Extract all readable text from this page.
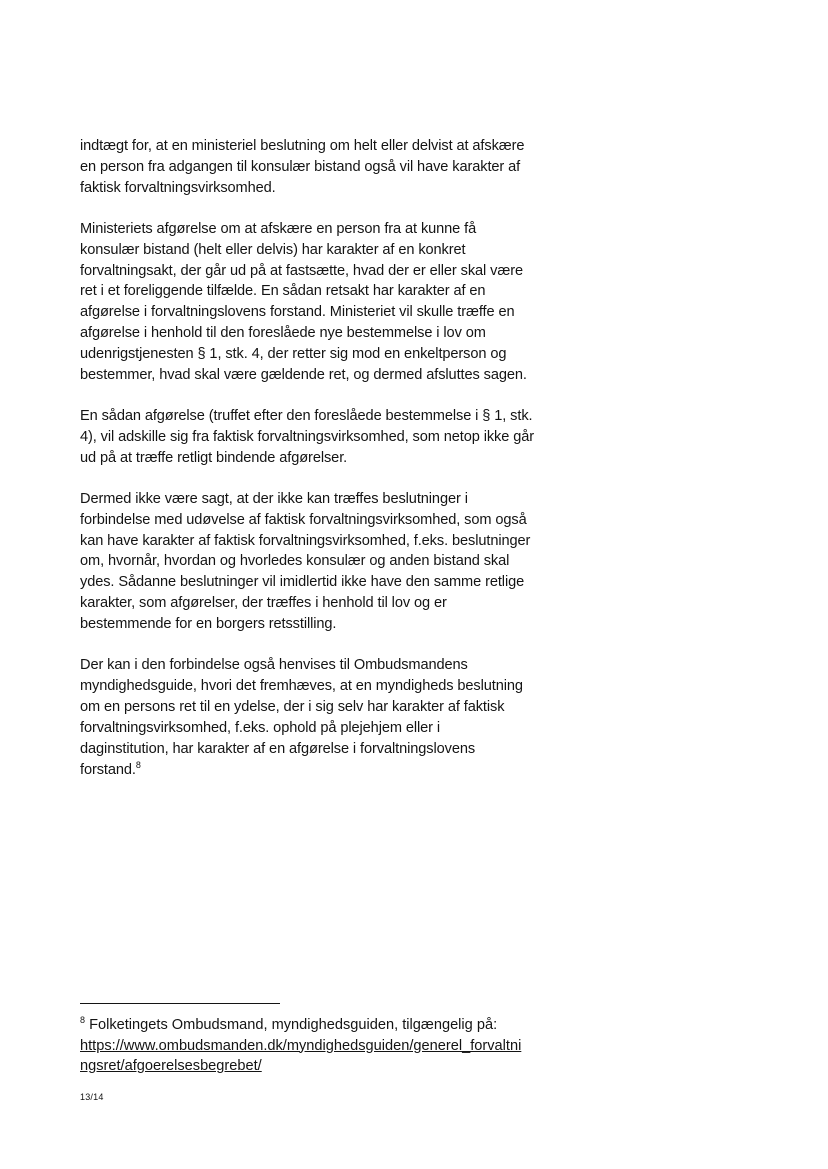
indtægt for, at en ministeriel beslutning om helt eller delvist at afskære
en person fra adgangen til konsulær bistand også vil have karakter af
faktisk forvaltningsvirksomhed.

Ministeriets afgørelse om at afskære en person fra at kunne få
konsulær bistand (helt eller delvis) har karakter af en konkret
forvaltningsakt, der går ud på at fastsætte, hvad der er eller skal være
ret i et foreliggende tilfælde. En sådan retsakt har karakter af en
afgørelse i forvaltningslovens forstand. Ministeriet vil skulle træffe en
afgørelse i henhold til den foreslåede nye bestemmelse i lov om
udenrigstjenesten § 1, stk. 4, der retter sig mod en enkeltperson og
bestemmer, hvad skal være gældende ret, og dermed afsluttes sagen.

En sådan afgørelse (truffet efter den foreslåede bestemmelse i § 1, stk.
4), vil adskille sig fra faktisk forvaltningsvirksomhed, som netop ikke går
ud på at træffe retligt bindende afgørelser.

Dermed ikke være sagt, at der ikke kan træffes beslutninger i
forbindelse med udøvelse af faktisk forvaltningsvirksomhed, som også
kan have karakter af faktisk forvaltningsvirksomhed, f.eks. beslutninger
om, hvornår, hvordan og hvorledes konsulær og anden bistand skal
ydes. Sådanne beslutninger vil imidlertid ikke have den samme retlige
karakter, som afgørelser, der træffes i henhold til lov og er
bestemmende for en borgers retsstilling.

Der kan i den forbindelse også henvises til Ombudsmandens
myndighedsguide, hvori det fremhæves, at en myndigheds beslutning
om en persons ret til en ydelse, der i sig selv har karakter af faktisk
forvaltningsvirksomhed, f.eks. ophold på plejehjem eller i
daginstitution, har karakter af en afgørelse i forvaltningslovens
forstand.$^8$

$^8$ Folketingets Ombudsmand, myndighedsguiden, tilgængelig på:
https://www.ombudsmanden.dk/myndighedsguiden/generel_forvaltni
ngsret/afgoerelsesbegrebet/
13/14
